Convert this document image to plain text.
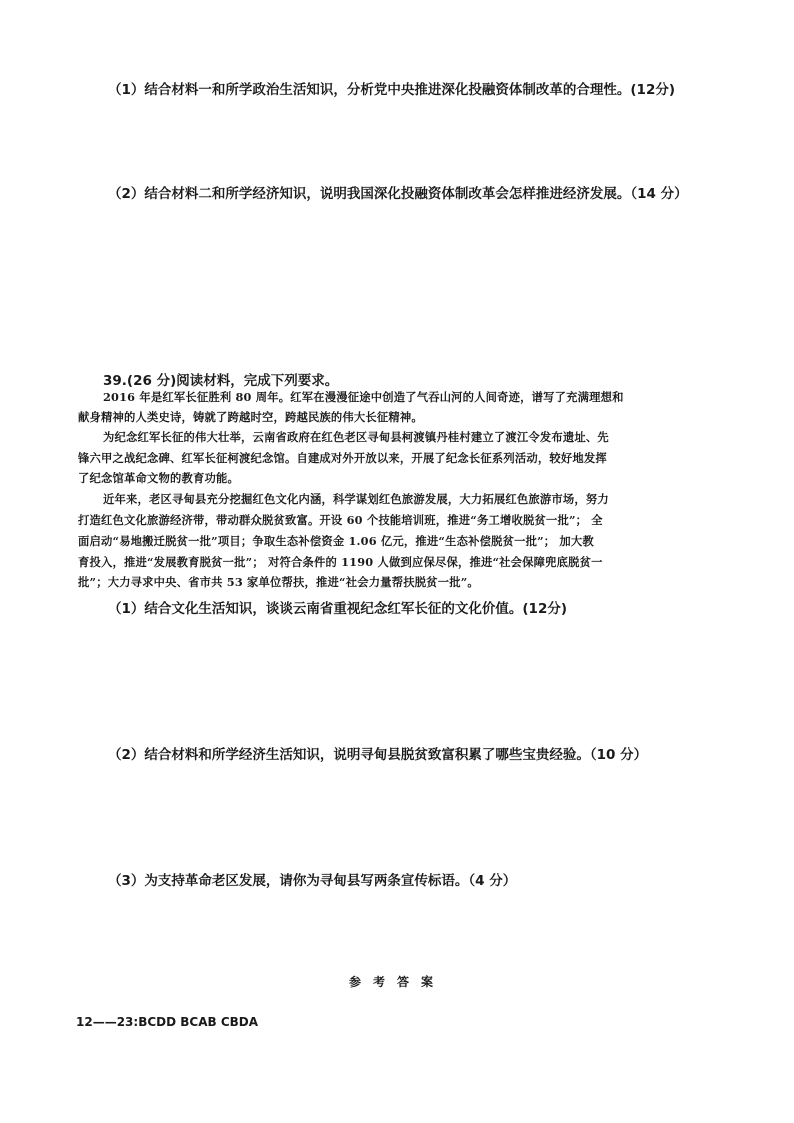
（1）结合材料一和所学政治生活知识，分析党中央推进深化投融资体制改革的合理性。(12分)
（2）结合材料二和所学经济知识，说明我国深化投融资体制改革会怎样推进经济发展。（14 分）
39.(26 分)阅读材料，完成下列要求。
2016 年是红军长征胜利 80 周年。红军在漫漫征途中创造了气吞山河的人间奇迹，谱写了充满理想和
献身精神的人类史诗，铸就了跨越时空，跨越民族的伟大长征精神。
为纪念红军长征的伟大壮举，云南省政府在红色老区寻甸县柯渡镇丹桂村建立了渡江令发布遗址、先
锋六甲之战纪念碑、红军长征柯渡纪念馆。自建成对外开放以来，开展了纪念长征系列活动，较好地发挥
了纪念馆革命文物的教育功能。
近年来，老区寻甸县充分挖掘红色文化内涵，科学谋划红色旅游发展，大力拓展红色旅游市场，努力
打造红色文化旅游经济带，带动群众脱贫致富。开设 60 个技能培训班，推进“务工增收脱贫一批”； 全
面启动“易地搬迁脱贫一批”项目；争取生态补偿资金 1.06 亿元，推进“生态补偿脱贫一批”； 加大教
育投入，推进“发展教育脱贫一批”； 对符合条件的 1190 人做到应保尽保，推进“社会保障兜底脱贫一
批”；大力寻求中央、省市共 53 家单位帮扶，推进“社会力量帮扶脱贫一批”。
（1）结合文化生活知识，谈谈云南省重视纪念红军长征的文化价值。(12分)
（2）结合材料和所学经济生活知识，说明寻甸县脱贫致富积累了哪些宝贵经验。（10 分）
（3）为支持革命老区发展，请你为寻甸县写两条宣传标语。（4 分）
参考答案
12——23:BCDD BCAB CBDA
